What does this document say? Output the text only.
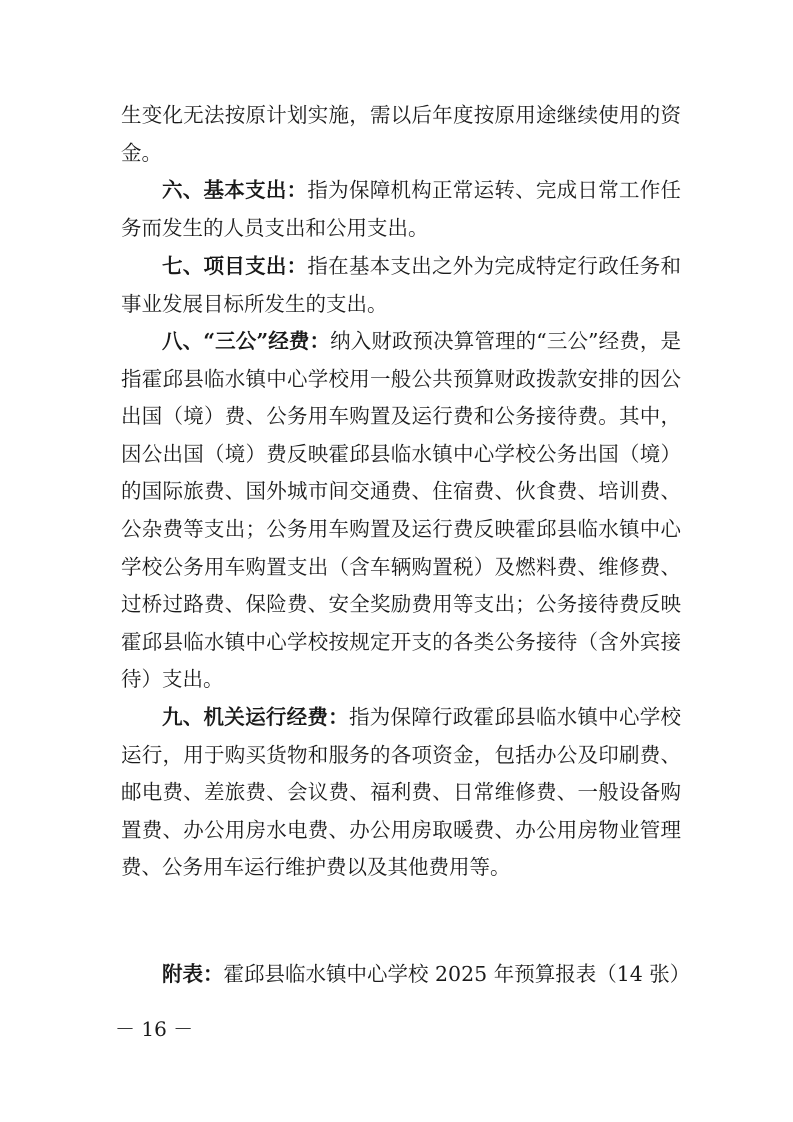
生变化无法按原计划实施，需以后年度按原用途继续使用的资金。

六、基本支出：指为保障机构正常运转、完成日常工作任务而发生的人员支出和公用支出。

七、项目支出：指在基本支出之外为完成特定行政任务和事业发展目标所发生的支出。

八、“三公”经费：纳入财政预决算管理的“三公”经费，是指霍邱县临水镇中心学校用一般公共预算财政拨款安排的因公出国（境）费、公务用车购置及运行费和公务接待费。其中，因公出国（境）费反映霍邱县临水镇中心学校公务出国（境）的国际旅费、国外城市间交通费、住宿费、伙食费、培训费、公杂费等支出；公务用车购置及运行费反映霍邱县临水镇中心学校公务用车购置支出（含车辆购置税）及燃料费、维修费、过桥过路费、保险费、安全奖励费用等支出；公务接待费反映霍邱县临水镇中心学校按规定开支的各类公务接待（含外宾接待）支出。

九、机关运行经费：指为保障行政霍邱县临水镇中心学校运行，用于购买货物和服务的各项资金，包括办公及印刷费、邮电费、差旅费、会议费、福利费、日常维修费、一般设备购置费、办公用房水电费、办公用房取暖费、办公用房物业管理费、公务用车运行维护费以及其他费用等。

附表：霍邱县临水镇中心学校 2025 年预算报表（14 张）
－ 16 －
